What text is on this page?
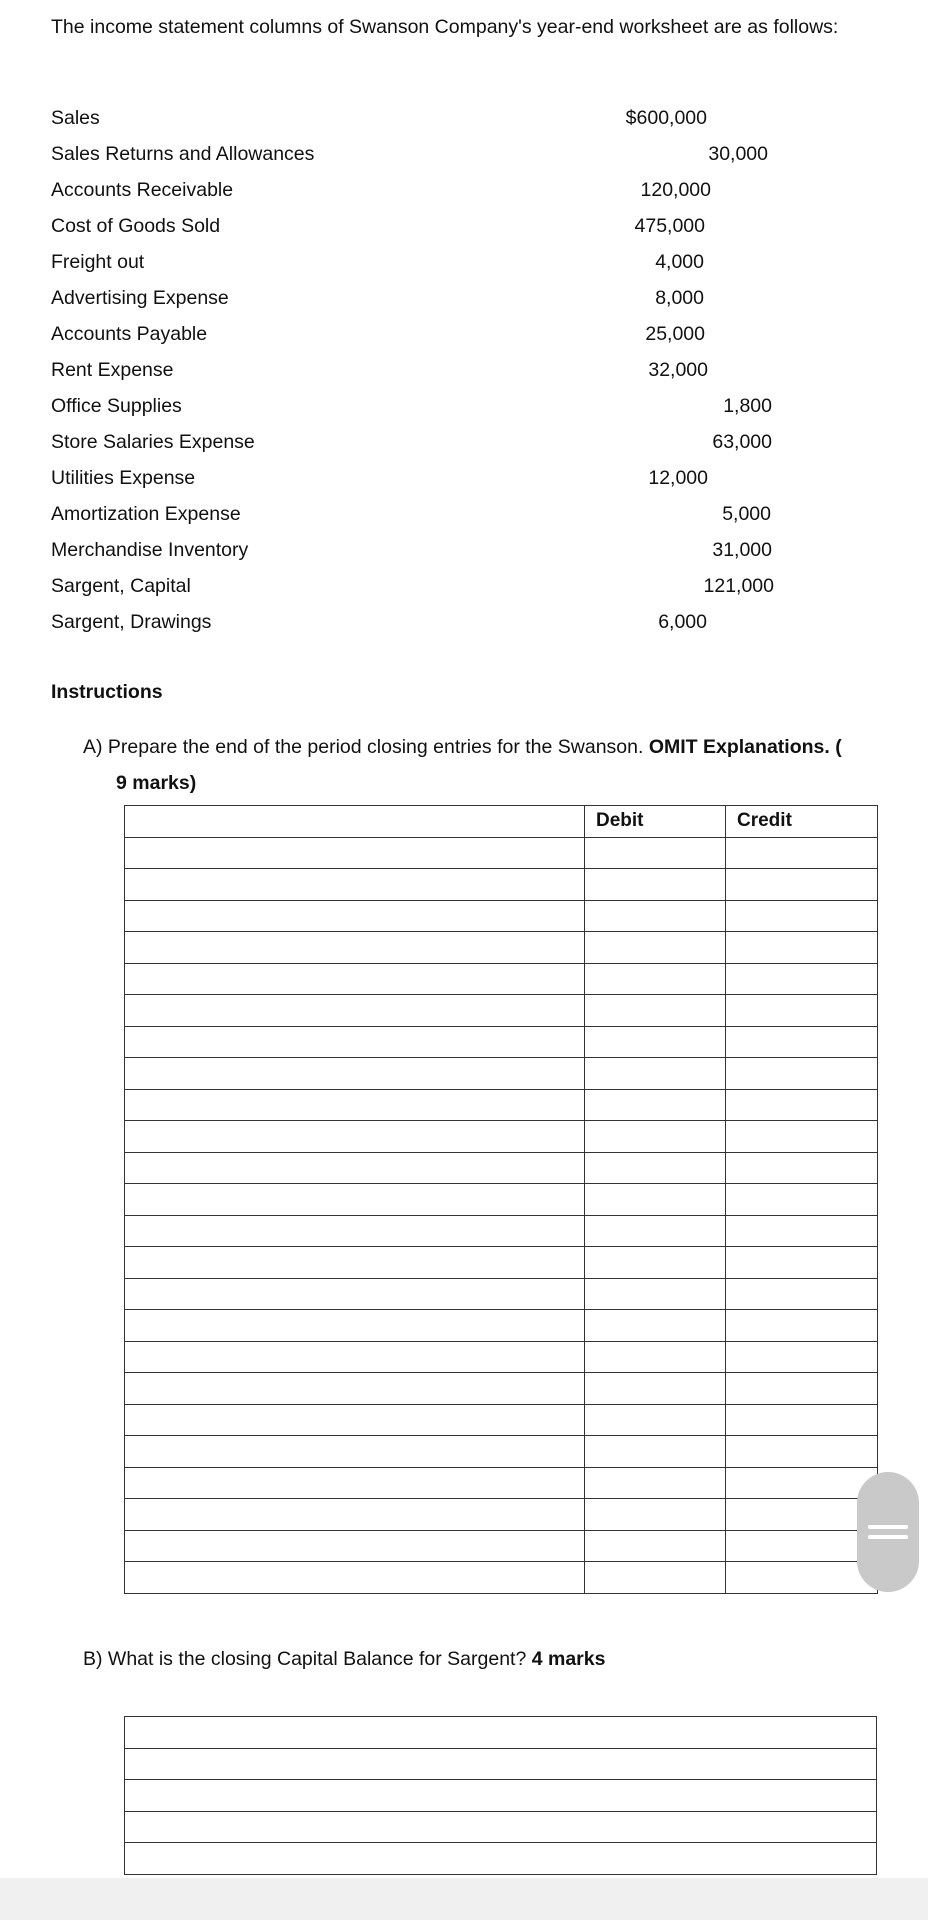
The income statement columns of Swanson Company's year-end worksheet are as follows:
Sales	$600,000
Sales Returns and Allowances	30,000
Accounts Receivable	120,000
Cost of Goods Sold	475,000
Freight out	4,000
Advertising Expense	8,000
Accounts Payable	25,000
Rent Expense	32,000
Office Supplies	1,800
Store Salaries Expense	63,000
Utilities Expense	12,000
Amortization Expense	5,000
Merchandise Inventory	31,000
Sargent, Capital	121,000
Sargent, Drawings	6,000
Instructions
A) Prepare the end of the period closing entries for the Swanson. OMIT Explanations. (
9 marks)
	Debit	Credit

B) What is the closing Capital Balance for Sargent? 4 marks
